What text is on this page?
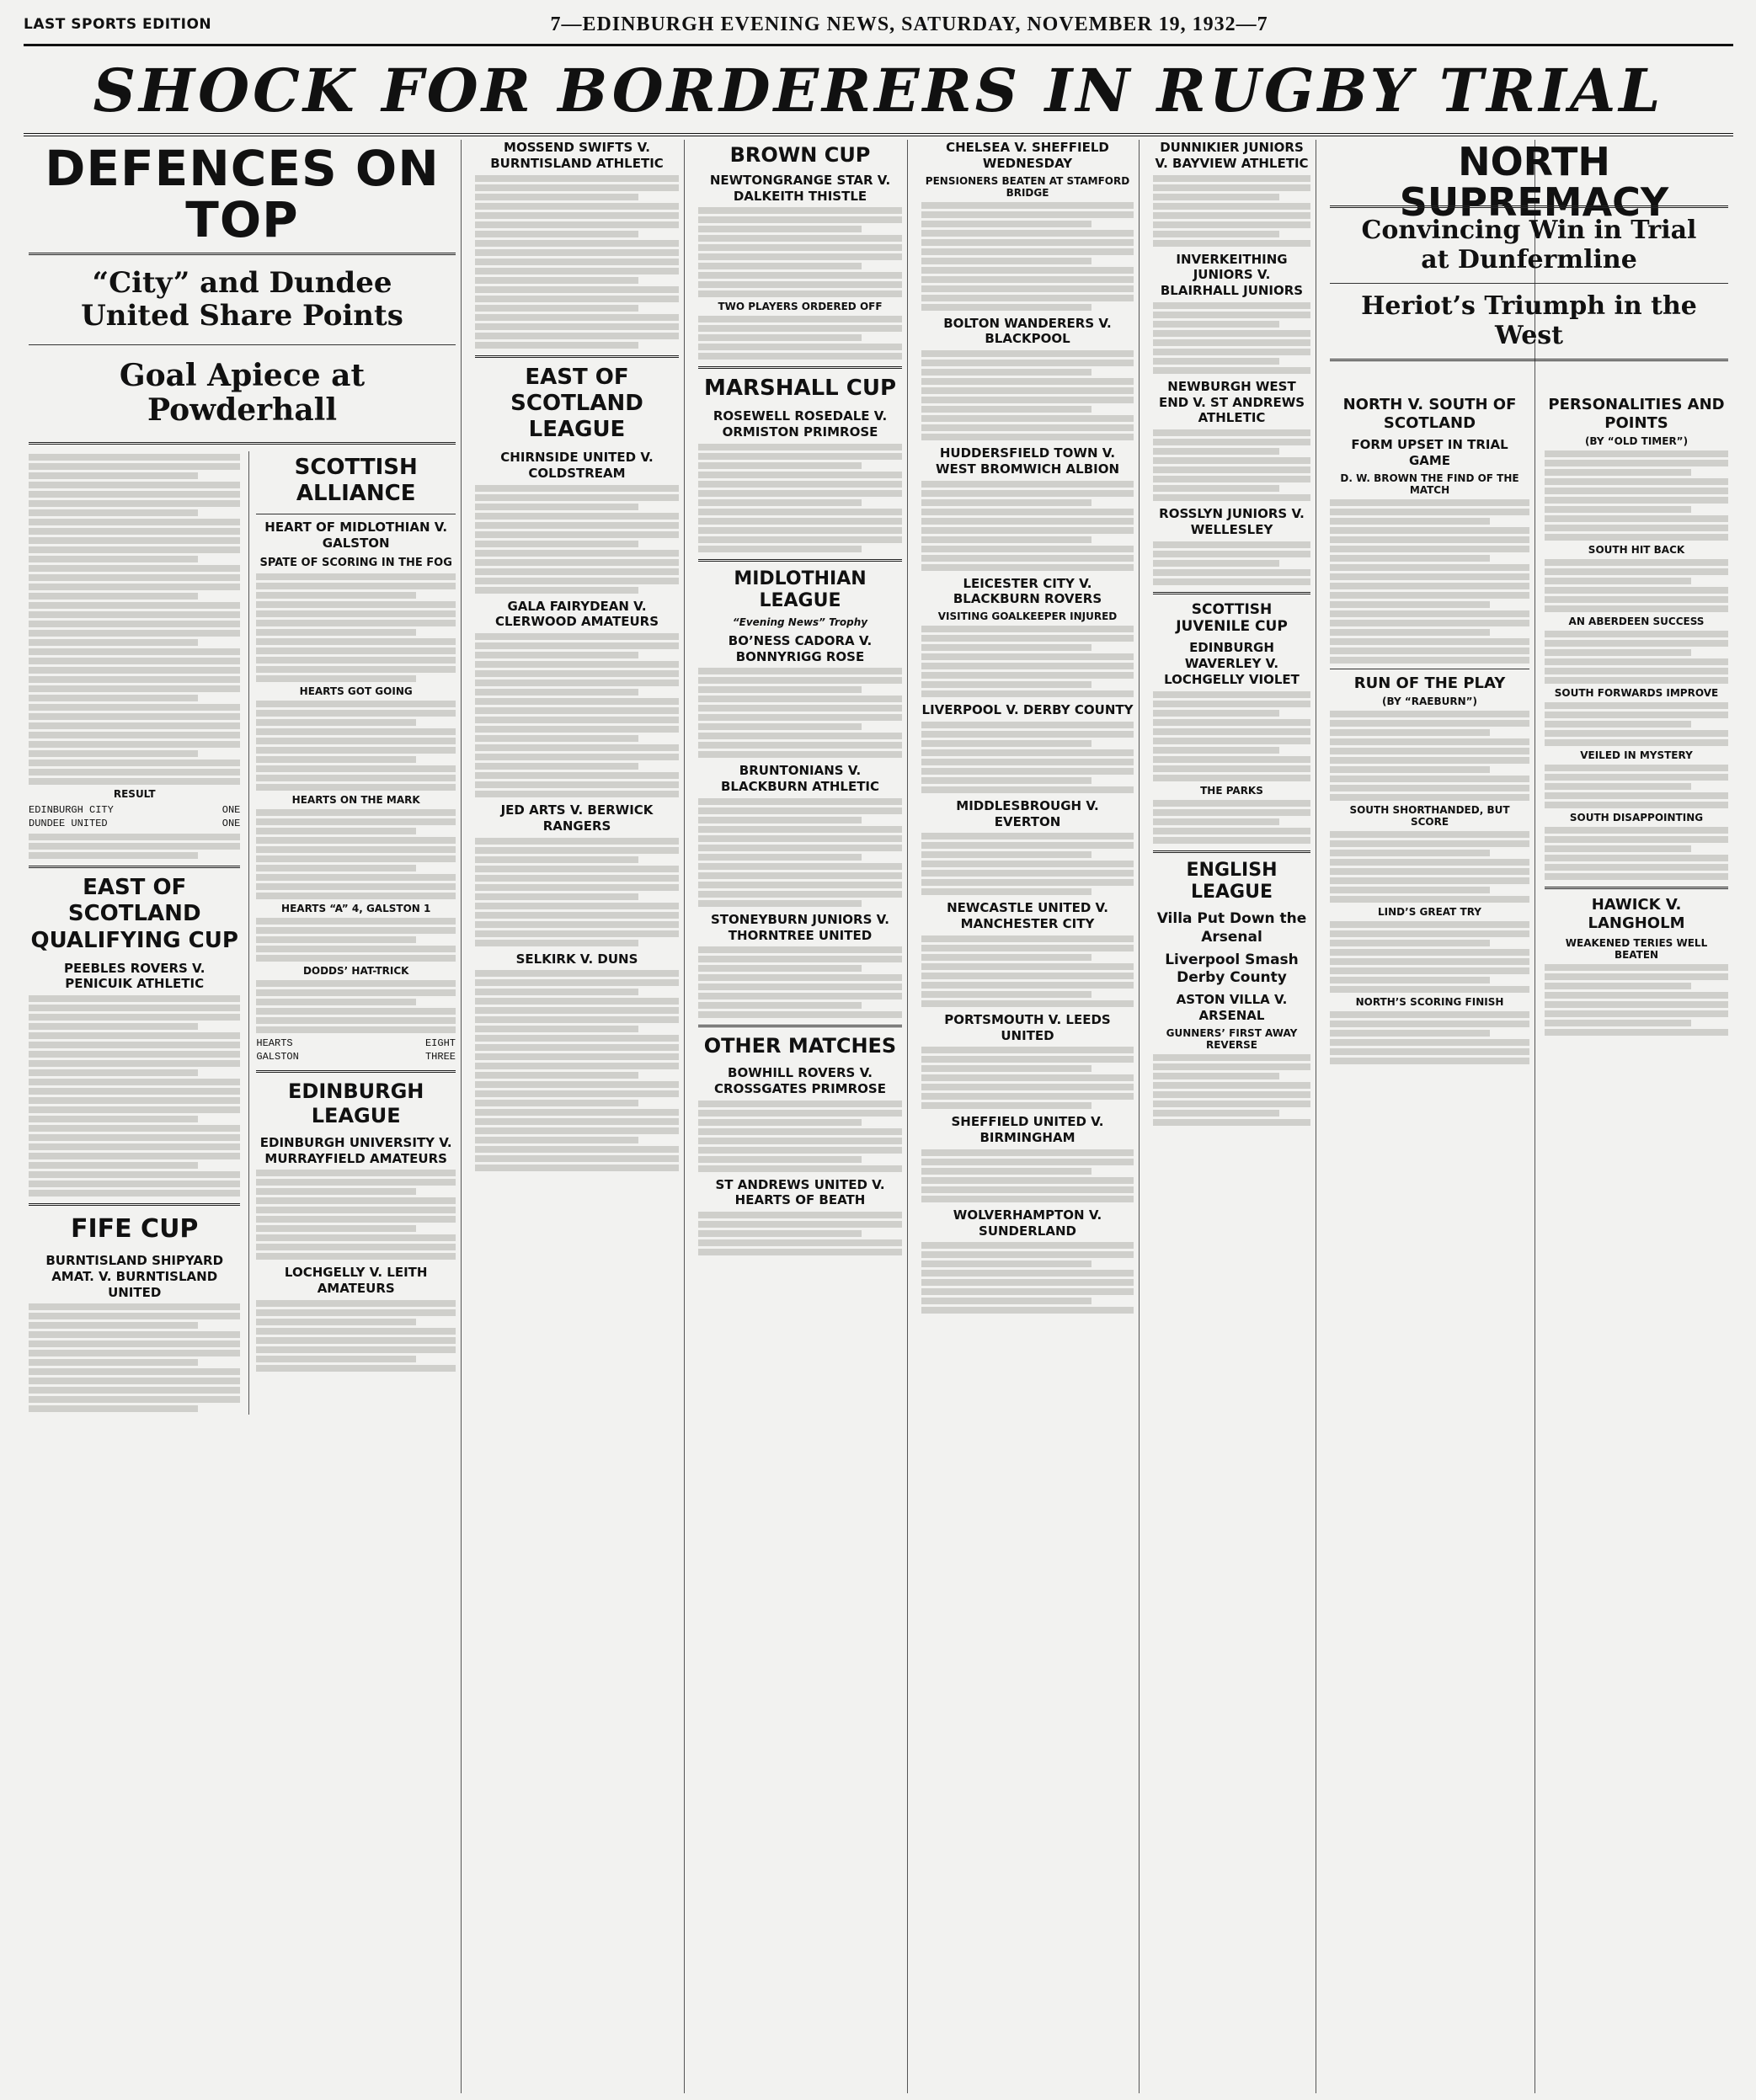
LAST SPORTS EDITION	7—EDINBURGH EVENING NEWS, SATURDAY, NOVEMBER 19, 1932—7
SHOCK FOR BORDERERS IN RUGBY TRIAL
DEFENCES ON TOP
“City” and Dundee United Share Points
Goal Apiece at Powderhall
RESULT
EDINBURGH CITY	ONE
DUNDEE UNITED	ONE
EAST OF SCOTLAND QUALIFYING CUP
PEEBLES ROVERS V. PENICUIK ATHLETIC
FIFE CUP
BURNTISLAND SHIPYARD AMAT. V. BURNTISLAND UNITED
SCOTTISH ALLIANCE
HEART OF MIDLOTHIAN V. GALSTON
SPATE OF SCORING IN THE FOG
HEARTS GOT GOING
HEARTS ON THE MARK
HEARTS “A” 4, GALSTON 1
DODDS’ HAT-TRICK
HEARTS	EIGHT
GALSTON	THREE
EDINBURGH LEAGUE
EDINBURGH UNIVERSITY V. MURRAYFIELD AMATEURS
LOCHGELLY V. LEITH AMATEURS
MOSSEND SWIFTS V. BURNTISLAND ATHLETIC
EAST OF SCOTLAND LEAGUE
CHIRNSIDE UNITED V. COLDSTREAM
GALA FAIRYDEAN V. CLERWOOD AMATEURS
JED ARTS V. BERWICK RANGERS
SELKIRK V. DUNS
BROWN CUP
NEWTONGRANGE STAR V. DALKEITH THISTLE
TWO PLAYERS ORDERED OFF
MARSHALL CUP
ROSEWELL ROSEDALE V. ORMISTON PRIMROSE
MIDLOTHIAN LEAGUE
“Evening News” Trophy
BO’NESS CADORA V. BONNYRIGG ROSE
BRUNTONIANS V. BLACKBURN ATHLETIC
STONEYBURN JUNIORS V. THORNTREE UNITED
OTHER MATCHES
BOWHILL ROVERS V. CROSSGATES PRIMROSE
ST ANDREWS UNITED V. HEARTS OF BEATH
CHELSEA V. SHEFFIELD WEDNESDAY
PENSIONERS BEATEN AT STAMFORD BRIDGE
BOLTON WANDERERS V. BLACKPOOL
HUDDERSFIELD TOWN V. WEST BROMWICH ALBION
LEICESTER CITY V. BLACKBURN ROVERS
VISITING GOALKEEPER INJURED
LIVERPOOL V. DERBY COUNTY
MIDDLESBROUGH V. EVERTON
NEWCASTLE UNITED V. MANCHESTER CITY
PORTSMOUTH V. LEEDS UNITED
SHEFFIELD UNITED V. BIRMINGHAM
WOLVERHAMPTON V. SUNDERLAND
DUNNIKIER JUNIORS V. BAYVIEW ATHLETIC
INVERKEITHING JUNIORS V. BLAIRHALL JUNIORS
NEWBURGH WEST END V. ST ANDREWS ATHLETIC
ROSSLYN JUNIORS V. WELLESLEY
SCOTTISH JUVENILE CUP
EDINBURGH WAVERLEY V. LOCHGELLY VIOLET
THE PARKS
ENGLISH LEAGUE
Villa Put Down the Arsenal
Liverpool Smash Derby County
ASTON VILLA V. ARSENAL
GUNNERS’ FIRST AWAY REVERSE
NORTH SUPREMACY
Convincing Win in Trial at Dunfermline
Heriot’s Triumph in the West
NORTH V. SOUTH OF SCOTLAND
FORM UPSET IN TRIAL GAME
D. W. BROWN THE FIND OF THE MATCH
RUN OF THE PLAY
(BY “RAEBURN”)
SOUTH SHORTHANDED, BUT SCORE
LIND’S GREAT TRY
NORTH’S SCORING FINISH
PERSONALITIES AND POINTS
(BY “OLD TIMER”)
SOUTH HIT BACK
AN ABERDEEN SUCCESS
SOUTH FORWARDS IMPROVE
VEILED IN MYSTERY
SOUTH DISAPPOINTING
HAWICK V. LANGHOLM
WEAKENED TERIES WELL BEATEN
